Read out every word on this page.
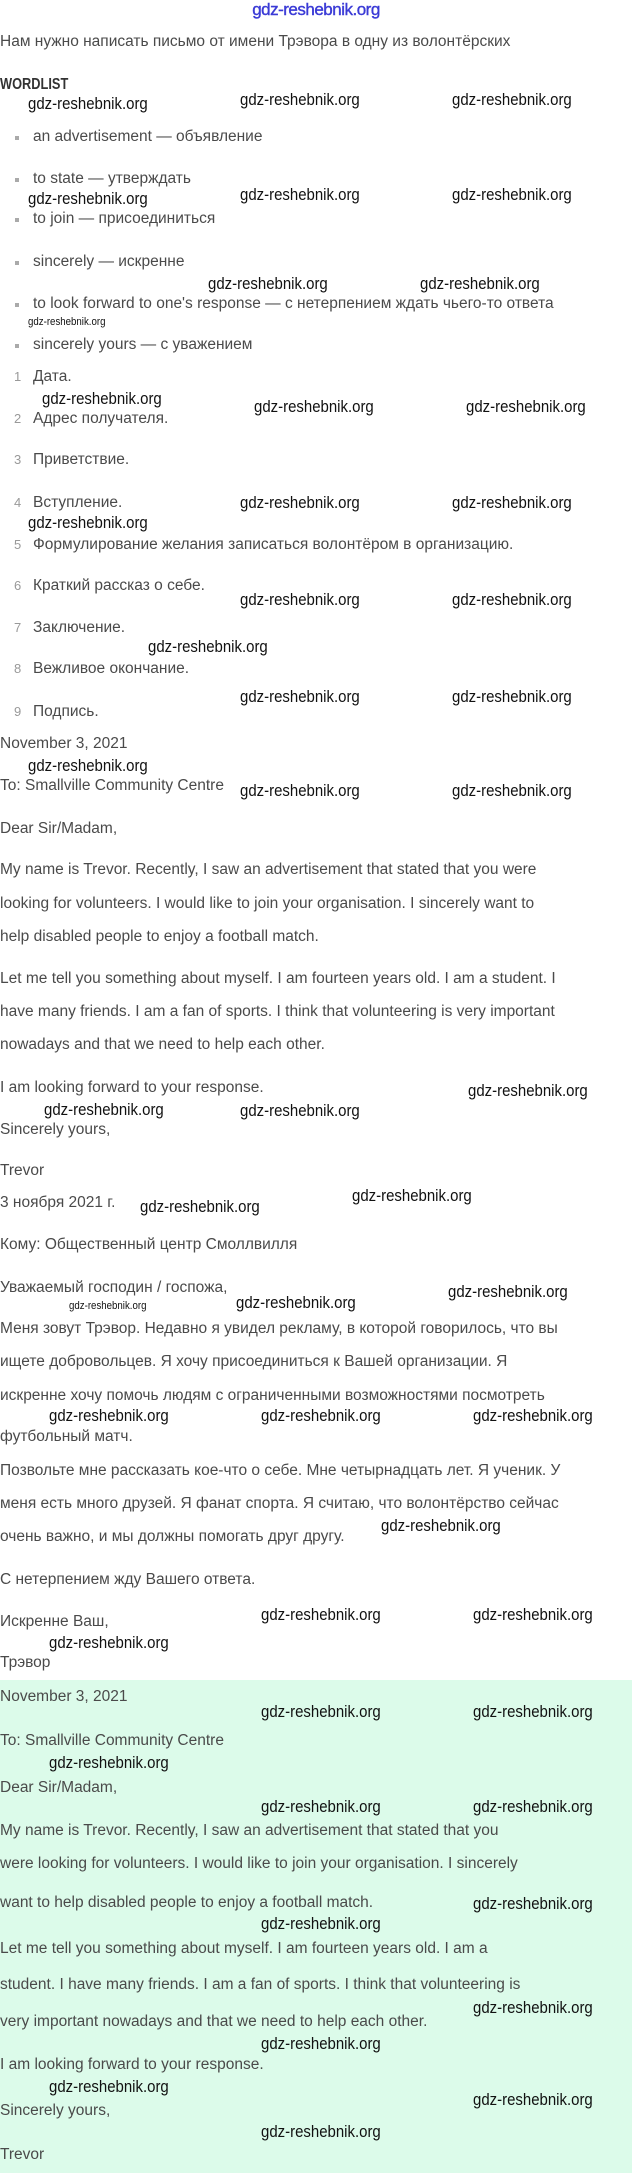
gdz-reshebnik.org
Нам нужно написать письмо от имени Трэвора в одну из волонтёрских
WORDLIST
an advertisement — объявление
to state — утверждать
to join — присоединиться
sincerely — искренне
to look forward to one's response — с нетерпением ждать чьего-то ответа
sincerely yours — с уважением
1 Дата.
2 Адрес получателя.
3 Приветствие.
4 Вступление.
5 Формулирование желания записаться волонтёром в организацию.
6 Краткий рассказ о себе.
7 Заключение.
8 Вежливое окончание.
9 Подпись.
November 3, 2021
To: Smallville Community Centre
Dear Sir/Madam,
My name is Trevor. Recently, I saw an advertisement that stated that you were
looking for volunteers. I would like to join your organisation. I sincerely want to
help disabled people to enjoy a football match.
Let me tell you something about myself. I am fourteen years old. I am a student. I
have many friends. I am a fan of sports. I think that volunteering is very important
nowadays and that we need to help each other.
I am looking forward to your response.
Sincerely yours,
Trevor
3 ноября 2021 г.
Кому: Общественный центр Смоллвилля
Уважаемый господин / госпожа,
Меня зовут Трэвор. Недавно я увидел рекламу, в которой говорилось, что вы
ищете добровольцев. Я хочу присоединиться к Вашей организации. Я
искренне хочу помочь людям с ограниченными возможностями посмотреть
футбольный матч.
Позвольте мне рассказать кое-что о себе. Мне четырнадцать лет. Я ученик. У
меня есть много друзей. Я фанат спорта. Я считаю, что волонтёрство сейчас
очень важно, и мы должны помогать друг другу.
С нетерпением жду Вашего ответа.
Искренне Ваш,
Трэвор
November 3, 2021
To: Smallville Community Centre
Dear Sir/Madam,
My name is Trevor. Recently, I saw an advertisement that stated that you
were looking for volunteers. I would like to join your organisation. I sincerely
want to help disabled people to enjoy a football match.
Let me tell you something about myself. I am fourteen years old. I am a
student. I have many friends. I am a fan of sports. I think that volunteering is
very important nowadays and that we need to help each other.
I am looking forward to your response.
Sincerely yours,
Trevor
gdz-reshebnik.org	gdz-reshebnik.org	gdz-reshebnik.org
gdz-reshebnik.org	gdz-reshebnik.org	gdz-reshebnik.org
gdz-reshebnik.org	gdz-reshebnik.org
gdz-reshebnik.org
gdz-reshebnik.org	gdz-reshebnik.org	gdz-reshebnik.org
gdz-reshebnik.org	gdz-reshebnik.org
gdz-reshebnik.org
gdz-reshebnik.org	gdz-reshebnik.org
gdz-reshebnik.org
gdz-reshebnik.org	gdz-reshebnik.org
gdz-reshebnik.org
gdz-reshebnik.org	gdz-reshebnik.org
gdz-reshebnik.org
gdz-reshebnik.org
gdz-reshebnik.org
gdz-reshebnik.org
gdz-reshebnik.org
gdz-reshebnik.org
gdz-reshebnik.org
gdz-reshebnik.org
gdz-reshebnik.org	gdz-reshebnik.org	gdz-reshebnik.org
gdz-reshebnik.org
gdz-reshebnik.org	gdz-reshebnik.org
gdz-reshebnik.org
gdz-reshebnik.org	gdz-reshebnik.org
gdz-reshebnik.org
gdz-reshebnik.org	gdz-reshebnik.org
gdz-reshebnik.org
gdz-reshebnik.org
gdz-reshebnik.org
gdz-reshebnik.org
gdz-reshebnik.org
gdz-reshebnik.org
gdz-reshebnik.org
